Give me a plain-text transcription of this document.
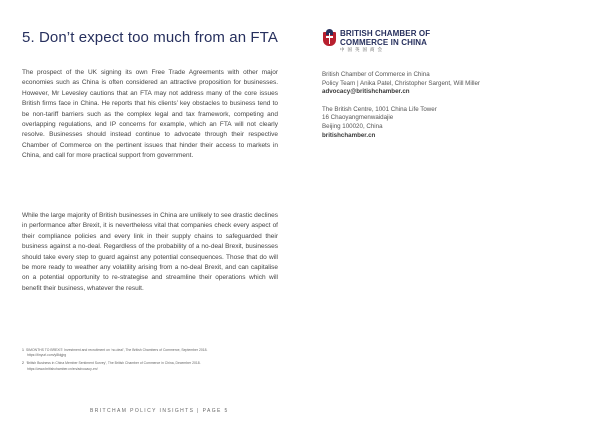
5. Don’t expect too much from an FTA

The prospect of the UK signing its own Free Trade Agreements with other major economies such as China is often considered an attractive proposition for businesses. However, Mr Levesley cautions that an FTA may not address many of the core issues British firms face in China. He reports that his clients’ key obstacles to business tend to be non-tariff barriers such as the complex legal and tax framework, competing and overlapping regulations, and IP concerns for example, which an FTA will not clearly resolve. Businesses should instead continue to advocate through their respective Chamber of Commerce on the pertinent issues that hinder their access to markets in China, and call for more practical support from government.

While the large majority of British businesses in China are unlikely to see drastic declines in performance after Brexit, it is nevertheless vital that companies check every aspect of their compliance policies and every link in their supply chains to safeguarded their business against a no-deal. Regardless of the probability of a no-deal Brexit, businesses should take every step to guard against any potential consequences. Those that do will be more ready to weather any volatility arising from a no-deal Brexit, and can capitalise on a potential opportunity to re-strategise and streamline their operations which will benefit their business, whatever the result.

BRITISH CHAMBER OF
COMMERCE IN CHINA
中国英国商会
British Chamber of Commerce in China
Policy Team | Anika Patel, Christopher Sargent, Will Miller
advocacy@britishchamber.cn
The British Centre, 1001 China Life Tower
16 Chaoyangmenwaidajie
Beijing 100020, China
britishchamber.cn
1 SIMONTHS TO BREXIT: Investment and recruitment on ‘no-deal’, The British Chambers of Commerce, September 2018.
https://tinyurl.com/y8klgjrg
2 ‘British Business in China Member Sentiment Survey’, The British Chamber of Commerce in China, December 2018.
https://www.britishchamber.cn/en/advocacy-en/
BRITCHAM POLICY INSIGHTS | PAGE 5
